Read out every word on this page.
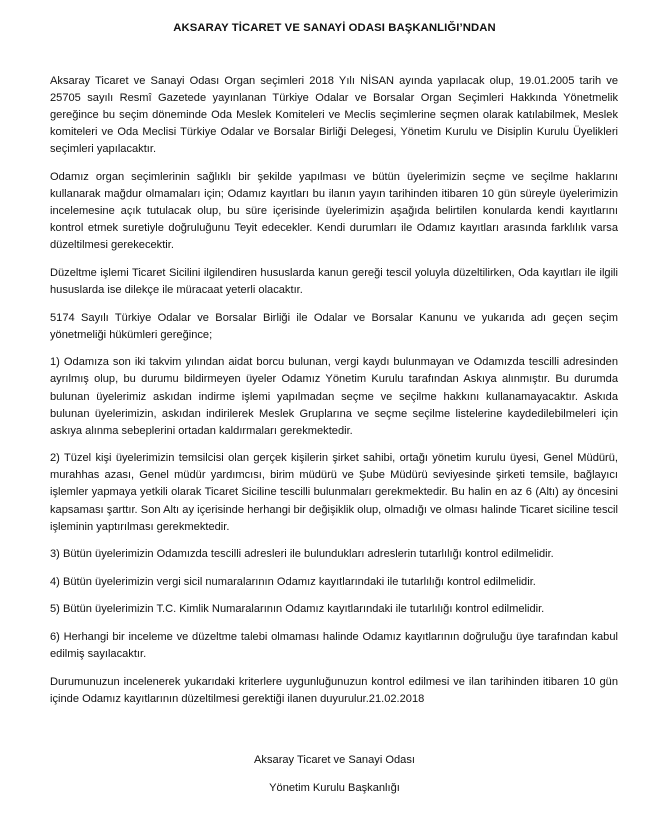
AKSARAY TİCARET VE SANAYİ ODASI BAŞKANLIĞI’NDAN

Aksaray Ticaret ve Sanayi Odası Organ seçimleri 2018 Yılı NİSAN ayında yapılacak olup, 19.01.2005 tarih ve 25705 sayılı Resmî Gazetede yayınlanan Türkiye Odalar ve Borsalar Organ Seçimleri Hakkında Yönetmelik gereğince bu seçim döneminde Oda Meslek Komiteleri ve Meclis seçimlerine seçmen olarak katılabilmek, Meslek komiteleri ve Oda Meclisi Türkiye Odalar ve Borsalar Birliği Delegesi, Yönetim Kurulu ve Disiplin Kurulu Üyelikleri seçimleri yapılacaktır.

Odamız organ seçimlerinin sağlıklı bir şekilde yapılması ve bütün üyelerimizin seçme ve seçilme haklarını kullanarak mağdur olmamaları için; Odamız kayıtları bu ilanın yayın tarihinden itibaren 10 gün süreyle üyelerimizin incelemesine açık tutulacak olup, bu süre içerisinde üyelerimizin aşağıda belirtilen konularda kendi kayıtlarını kontrol etmek suretiyle doğruluğunu Teyit edecekler. Kendi durumları ile Odamız kayıtları arasında farklılık varsa düzeltilmesi gerekecektir.

Düzeltme işlemi Ticaret Sicilini ilgilendiren hususlarda kanun gereği tescil yoluyla düzeltilirken, Oda kayıtları ile ilgili hususlarda ise dilekçe ile müracaat yeterli olacaktır.

5174 Sayılı Türkiye Odalar ve Borsalar Birliği ile Odalar ve Borsalar Kanunu ve yukarıda adı geçen seçim yönetmeliği hükümleri gereğince;

1) Odamıza son iki takvim yılından aidat borcu bulunan, vergi kaydı bulunmayan ve Odamızda tescilli adresinden ayrılmış olup, bu durumu bildirmeyen üyeler Odamız Yönetim Kurulu tarafından Askıya alınmıştır. Bu durumda bulunan üyelerimiz askıdan indirme işlemi yapılmadan seçme ve seçilme hakkını kullanamayacaktır. Askıda bulunan üyelerimizin, askıdan indirilerek Meslek Gruplarına ve seçme seçilme listelerine kaydedilebilmeleri için askıya alınma sebeplerini ortadan kaldırmaları gerekmektedir.

2) Tüzel kişi üyelerimizin temsilcisi olan gerçek kişilerin şirket sahibi, ortağı yönetim kurulu üyesi, Genel Müdürü, murahhas azası, Genel müdür yardımcısı, birim müdürü ve Şube Müdürü seviyesinde şirketi temsile, bağlayıcı işlemler yapmaya yetkili olarak Ticaret Siciline tescilli bulunmaları gerekmektedir. Bu halin en az 6 (Altı) ay öncesini kapsaması şarttır. Son Altı ay içerisinde herhangi bir değişiklik olup, olmadığı ve olması halinde Ticaret siciline tescil işleminin yaptırılması gerekmektedir.

3) Bütün üyelerimizin Odamızda tescilli adresleri ile bulundukları adreslerin tutarlılığı kontrol edilmelidir.

4) Bütün üyelerimizin vergi sicil numaralarının Odamız kayıtlarındaki ile tutarlılığı kontrol edilmelidir.

5) Bütün üyelerimizin T.C. Kimlik Numaralarının Odamız kayıtlarındaki ile tutarlılığı kontrol edilmelidir.

6) Herhangi bir inceleme ve düzeltme talebi olmaması halinde Odamız kayıtlarının doğruluğu üye tarafından kabul edilmiş sayılacaktır.

Durumunuzun incelenerek yukarıdaki kriterlere uygunluğunuzun kontrol edilmesi ve ilan tarihinden itibaren 10 gün içinde Odamız kayıtlarının düzeltilmesi gerektiği ilanen duyurulur.21.02.2018

Aksaray Ticaret ve Sanayi Odası
Yönetim Kurulu Başkanlığı
